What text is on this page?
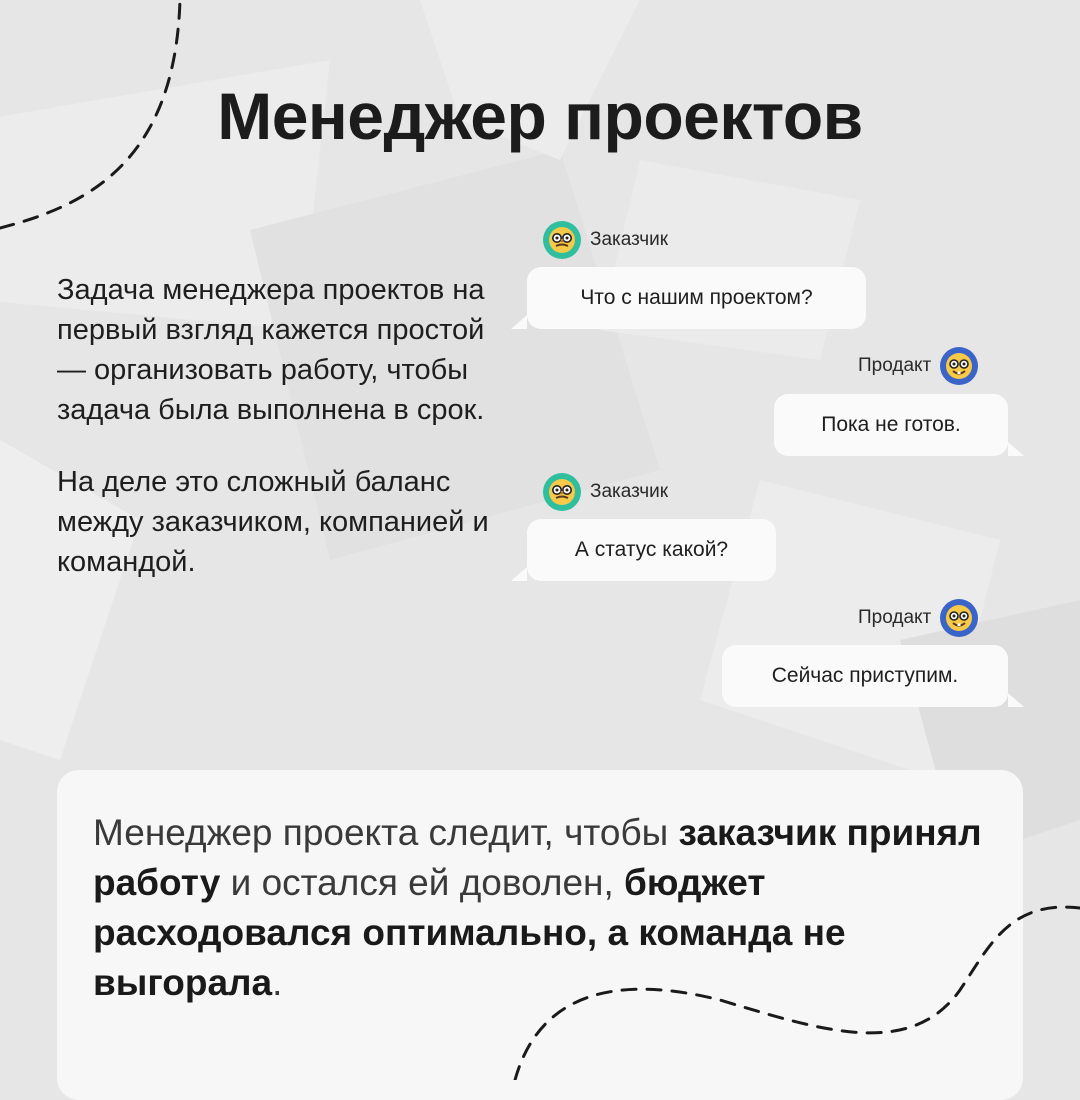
Менеджер проектов

Задача менеджера проектов на первый взгляд кажется простой — организовать работу, чтобы задача была выполнена в срок.

На деле это сложный баланс между заказчиком, компанией и командой.

Заказчик
Что с нашим проектом?
Продакт
Пока не готов.
Заказчик
А статус какой?
Продакт
Сейчас приступим.

Менеджер проекта следит, чтобы заказчик принял работу и остался ей доволен, бюджет расходовался оптимально, а команда не выгорала.
